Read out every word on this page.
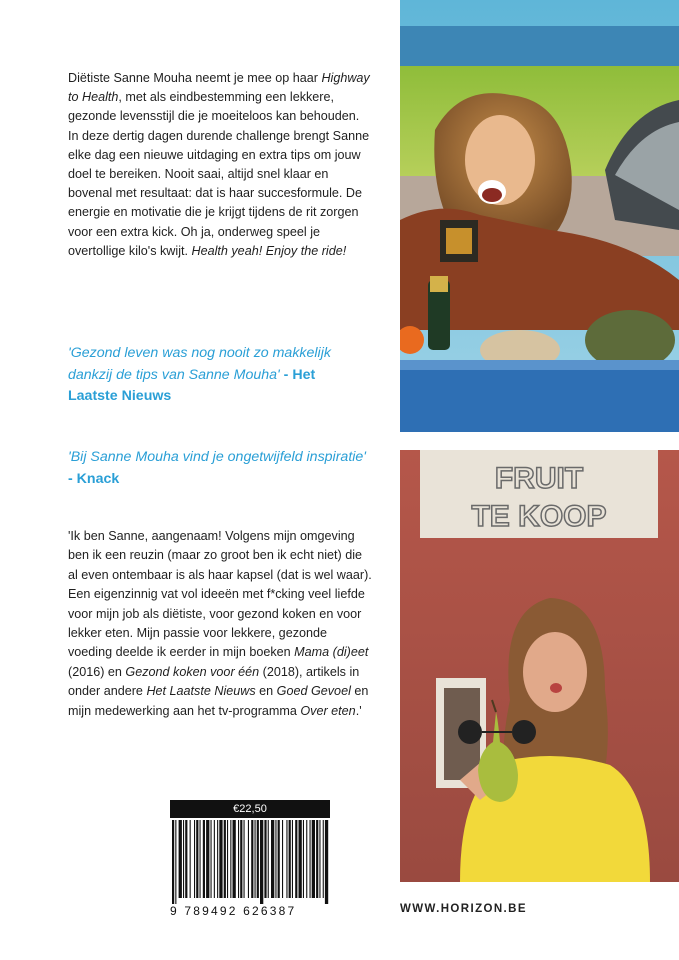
Diëtiste Sanne Mouha neemt je mee op haar Highway to Health, met als eindbestemming een lekkere, gezonde levensstijl die je moeiteloos kan behouden. In deze dertig dagen durende challenge brengt Sanne elke dag een nieuwe uitdaging en extra tips om jouw doel te bereiken. Nooit saai, altijd snel klaar en bovenal met resultaat: dat is haar succesformule. De energie en motivatie die je krijgt tijdens de rit zorgen voor een extra kick. Oh ja, onderweg speel je overtollige kilo's kwijt. Health yeah! Enjoy the ride!

'Gezond leven was nog nooit zo makkelijk dankzij de tips van Sanne Mouha' - Het Laatste Nieuws

'Bij Sanne Mouha vind je ongetwijfeld inspiratie' - Knack

'Ik ben Sanne, aangenaam! Volgens mijn omgeving ben ik een reuzin (maar zo groot ben ik echt niet) die al even ontembaar is als haar kapsel (dat is wel waar). Een eigenzinnig vat vol ideeën met f*cking veel liefde voor mijn job als diëtiste, voor gezond koken en voor lekker eten. Mijn passie voor lekkere, gezonde voeding deelde ik eerder in mijn boeken Mama (di)eet (2016) en Gezond koken voor één (2018), artikels in onder andere Het Laatste Nieuws en Goed Gevoel en mijn medewerking aan het tv-programma Over eten.'

€22,50
9 789492 626387	WWW.HORIZON.BE
FRUIT
TE KOOP
